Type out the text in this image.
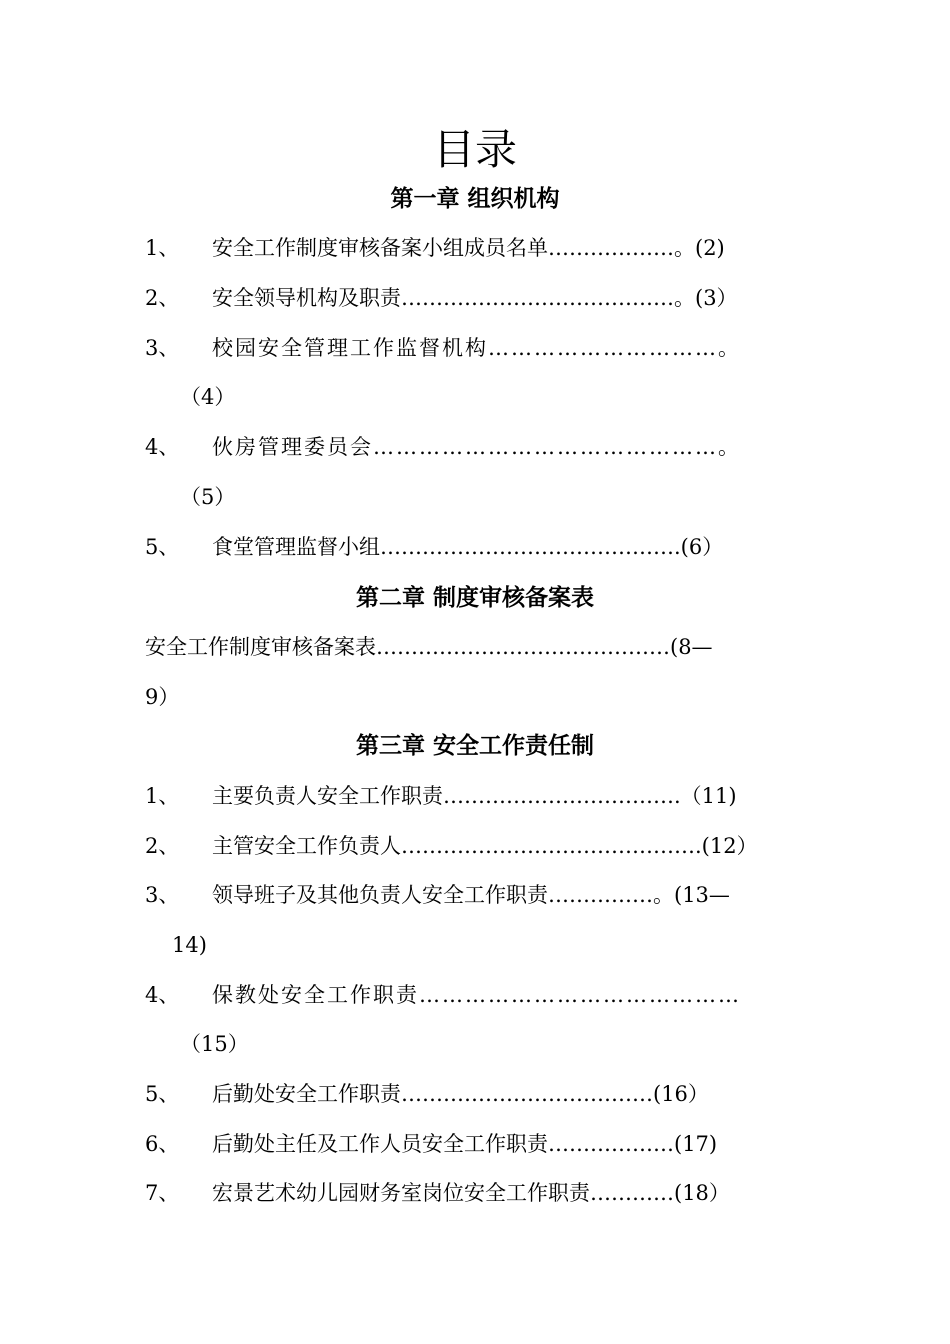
目录
第一章 组织机构
1、 安全工作制度审核备案小组成员名单………………。(2)
2、 安全领导机构及职责…………………………………。(3）
3、 校园安全管理工作监督机构…………………………。
（4）
4、 伙房管理委员会………………………………………。
（5）
5、 食堂管理监督小组…………………………………….(6）
第二章 制度审核备案表
安全工作制度审核备案表……………………………………(8—
9）
第三章 安全工作责任制
1、 主要负责人安全工作职责…………………………….（11)
2、 主管安全工作负责人…………………………………….(12）
3、 领导班子及其他负责人安全工作职责……………。(13—
14)
4、 保教处安全工作职责……………………………………
（15）
5、 后勤处安全工作职责………………………………(16）
6、 后勤处主任及工作人员安全工作职责………………(17)
7、 宏景艺术幼儿园财务室岗位安全工作职责…………(18）
